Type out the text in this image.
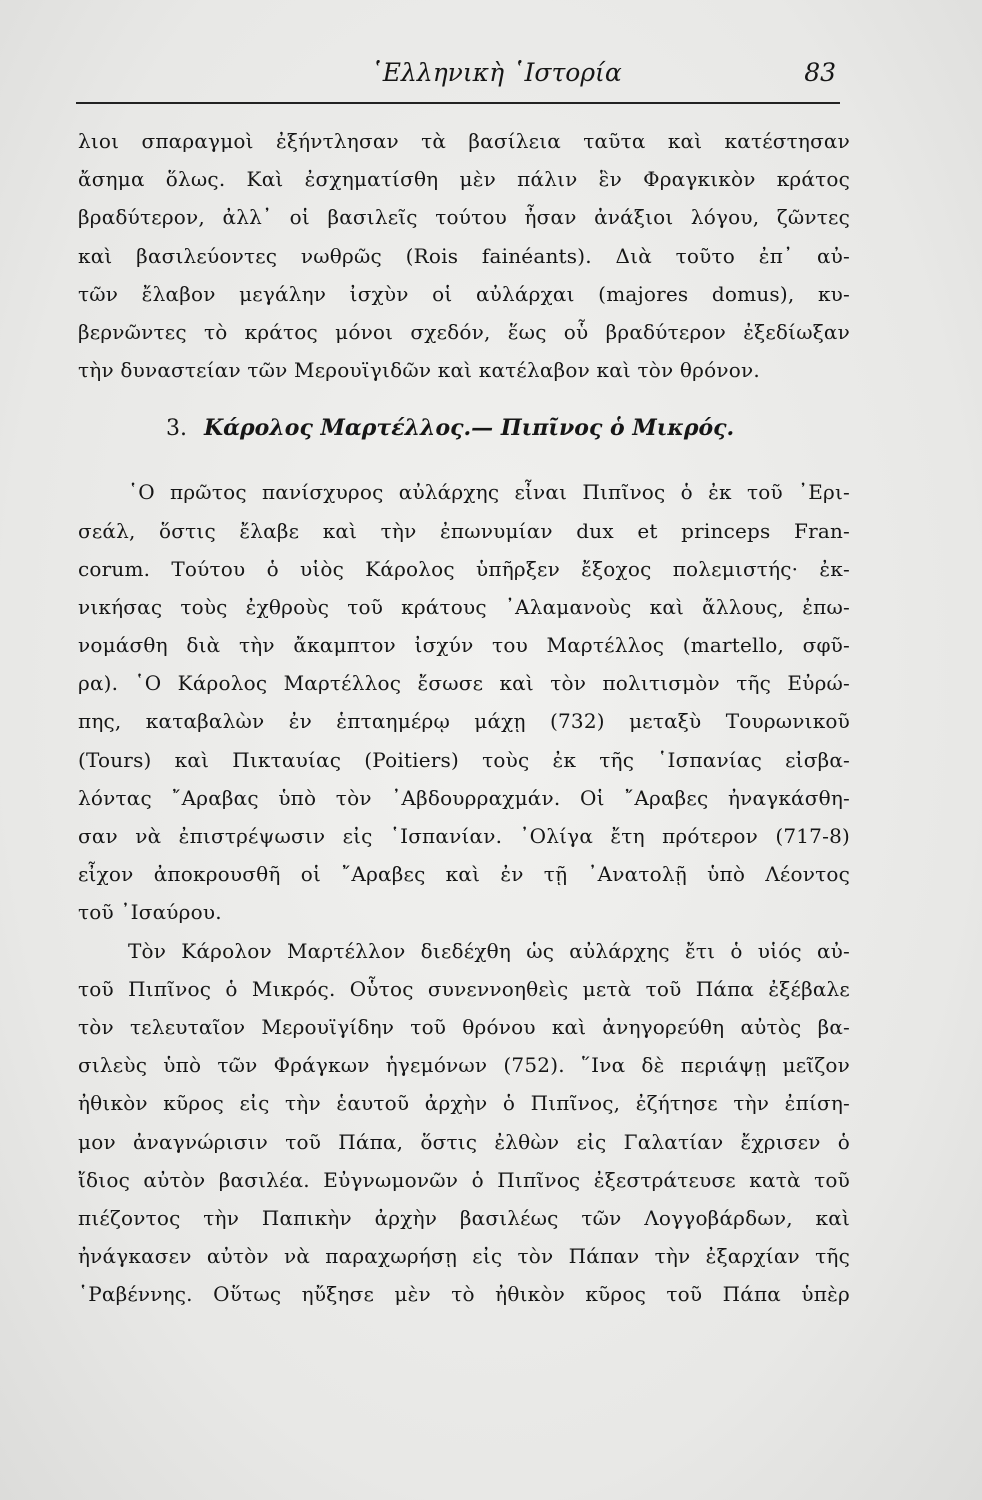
῾Ελληνικὴ ῾Ιστορία	83
λιοι σπαραγμοὶ ἐξήντλησαν τὰ βασίλεια ταῦτα καὶ κατέστησαν
ἄσημα ὅλως. Καὶ ἐσχηματίσθη μὲν πάλιν ἓν Φραγκικὸν κράτος
βραδύτερον, ἀλλ᾽ οἱ βασιλεῖς τούτου ἦσαν ἀνάξιοι λόγου, ζῶντες
καὶ βασιλεύοντες νωθρῶς (Rois fainéants). Διὰ τοῦτο ἐπ᾽ αὐ-
τῶν ἔλαβον μεγάλην ἰσχὺν οἱ αὐλάρχαι (majores domus), κυ-
βερνῶντες τὸ κράτος μόνοι σχεδόν, ἕως οὗ βραδύτερον ἐξεδίωξαν
τὴν δυναστείαν τῶν Μερουϊγιδῶν καὶ κατέλαβον καὶ τὸν θρόνον.
3. Κάρολος Μαρτέλλος.— Πιπῖνος ὁ Μικρός.
῾Ο πρῶτος πανίσχυρος αὐλάρχης εἶναι Πιπῖνος ὁ ἐκ τοῦ ᾽Ερι-
σεάλ, ὅστις ἔλαβε καὶ τὴν ἐπωνυμίαν dux et princeps Fran-
corum. Τούτου ὁ υἱὸς Κάρολος ὑπῆρξεν ἔξοχος πολεμιστής· ἐκ-
νικήσας τοὺς ἐχθροὺς τοῦ κράτους ᾽Αλαμανοὺς καὶ ἄλλους, ἐπω-
νομάσθη διὰ τὴν ἄκαμπτον ἰσχύν του Μαρτέλλος (martello, σφῦ-
ρα). ῾Ο Κάρολος Μαρτέλλος ἔσωσε καὶ τὸν πολιτισμὸν τῆς Εὐρώ-
πης, καταβαλὼν ἐν ἑπταημέρῳ μάχῃ (732) μεταξὺ Τουρωνικοῦ
(Tours) καὶ Πικταυίας (Poitiers) τοὺς ἐκ τῆς ῾Ισπανίας εἰσβα-
λόντας ῎Αραβας ὑπὸ τὸν ᾽Αβδουρραχμάν. Οἱ ῎Αραβες ἠναγκάσθη-
σαν νὰ ἐπιστρέψωσιν εἰς ῾Ισπανίαν. ᾽Ολίγα ἔτη πρότερον (717-8)
εἶχον ἀποκρουσθῆ οἱ ῎Αραβες καὶ ἐν τῇ ᾽Ανατολῇ ὑπὸ Λέοντος
τοῦ ᾽Ισαύρου.
Τὸν Κάρολον Μαρτέλλον διεδέχθη ὡς αὐλάρχης ἔτι ὁ υἱός αὐ-
τοῦ Πιπῖνος ὁ Μικρός. Οὗτος συνεννοηθεὶς μετὰ τοῦ Πάπα ἐξέβαλε
τὸν τελευταῖον Μερουϊγίδην τοῦ θρόνου καὶ ἀνηγορεύθη αὐτὸς βα-
σιλεὺς ὑπὸ τῶν Φράγκων ἡγεμόνων (752). ῞Ινα δὲ περιάψῃ μεῖζον
ἠθικὸν κῦρος εἰς τὴν ἑαυτοῦ ἀρχὴν ὁ Πιπῖνος, ἐζήτησε τὴν ἐπίση-
μον ἀναγνώρισιν τοῦ Πάπα, ὅστις ἐλθὼν εἰς Γαλατίαν ἔχρισεν ὁ
ἴδιος αὐτὸν βασιλέα. Εὐγνωμονῶν ὁ Πιπῖνος ἐξεστράτευσε κατὰ τοῦ
πιέζοντος τὴν Παπικὴν ἀρχὴν βασιλέως τῶν Λογγοβάρδων, καὶ
ἠνάγκασεν αὐτὸν νὰ παραχωρήσῃ εἰς τὸν Πάπαν τὴν ἐξαρχίαν τῆς
῾Ραβέννης. Οὕτως ηὔξησε μὲν τὸ ἠθικὸν κῦρος τοῦ Πάπα ὑπὲρ
